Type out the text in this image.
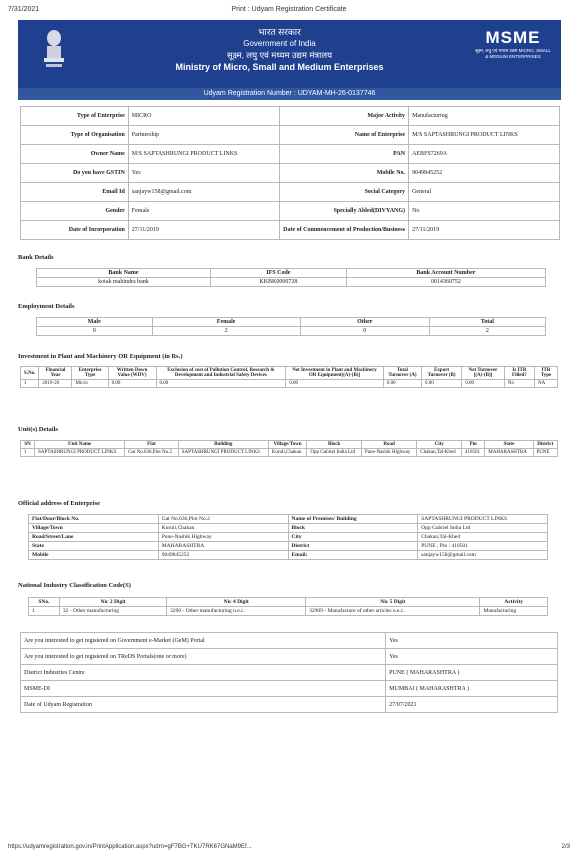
7/31/2021	Print : Udyam Registration Certificate
भारत सरकार
Government of India
सूक्ष्म, लघु एवं मध्यम उद्यम मंत्रालय
Ministry of Micro, Small and Medium Enterprises
MSME
सूक्ष्म, लघु एवं मध्यम उद्यम MICRO, SMALL & MEDIUM ENTERPRISES
Udyam Registration Number : UDYAM-MH-26-0137746
Type of Enterprise	MICRO	Major Activity	Manufacturing
Type of Organisation	Partnership	Name of Enterprise	M/S SAPTASHRUNGI PRODUCT LINKS
Owner Name	M/S SAPTASHRUNGI PRODUCT LINKS	PAN	AEBFS7269A
Do you have GSTIN	Yes	Mobile No.	9049845252
Email Id	sanjayw158@gmail.com	Social Category	General
Gender	Female	Specially Abled(DIVYANG)	No
Date of Incorporation	27/11/2019	Date of Commencement of Production/Business	27/11/2019
Bank Details
Bank Name	IFS Code	Bank Account Number
kotak mahindra bank	KKBK0000728	0014360752
Employment Details
Male	Female	Other	Total
0	2	0	2
Investment in Plant and Machinery OR Equipment (in Rs.)
S.No.	Financial Year	Enterprise Type	Written Down Value (WDV)	Exclusion of cost of Pollution Control, Research & Development and Industrial Safety Devices	Net Investment in Plant and Machinery OR Equipment[(A)-(B)]	Total Turnover (A)	Export Turnover (B)	Net Turnover [(A)-(B)]	Is ITR Filled?	ITR Type
1	2019-20	Micro	0.00	0.00	0.00	0.00	0.00	0.00	No	NA
Unit(s) Details
SN	Unit Name	Flat	Building	Village/Town	Block	Road	City	Pin	State	District
1	SAPTASHRUNGI PRODUCT LINKS	Gat No.636,Plot No.2	SAPTASHRUNGI PRODUCT LINKS	Kuruli,Chakan	Opp Gabriel India Ltd	Pune-Nashik Highway	Chakan,Tal-Khed	410501	MAHARASHTRA	PUNE
Official address of Enterprise
Flat/Door/Block No.	Gat No.636,Plot No.2	Name of Premises/ Building	SAPTASHRUNGI PRODUCT LINKS
Village/Town	Kuruli,Chakan	Block	Opp Gabriel India Ltd
Road/Street/Lane	Pune-Nashik Highway	City	Chakan,Tal-Khed
State	MAHARASHTRA	District	PUNE , Pin : 410501
Mobile	9049845252	Email:	sanjayw158@gmail.com
National Industry Classification Code(S)
SNo.	Nic 2 Digit	Nic 4 Digit	Nic 5 Digit	Activity
1	32 - Other manufacturing	3290 - Other manufacturing n.e.c.	32909 - Manufacture of other articles n.e.c.	Manufacturing
Are you interested to get registered on Government e-Market (GeM) Portal	Yes
Are you interested to get registered on TReDS Portals(one or more)	Yes
District Industries Centre	PUNE ( MAHARASHTRA )
MSME-DI	MUMBAI ( MAHARASHTRA )
Date of Udyam Registration	27/07/2021
https://udyamregistration.gov.in/PrintApplication.aspx?udrn=gF7BG+TKU7RK67GNaM9Ef...	2/3
